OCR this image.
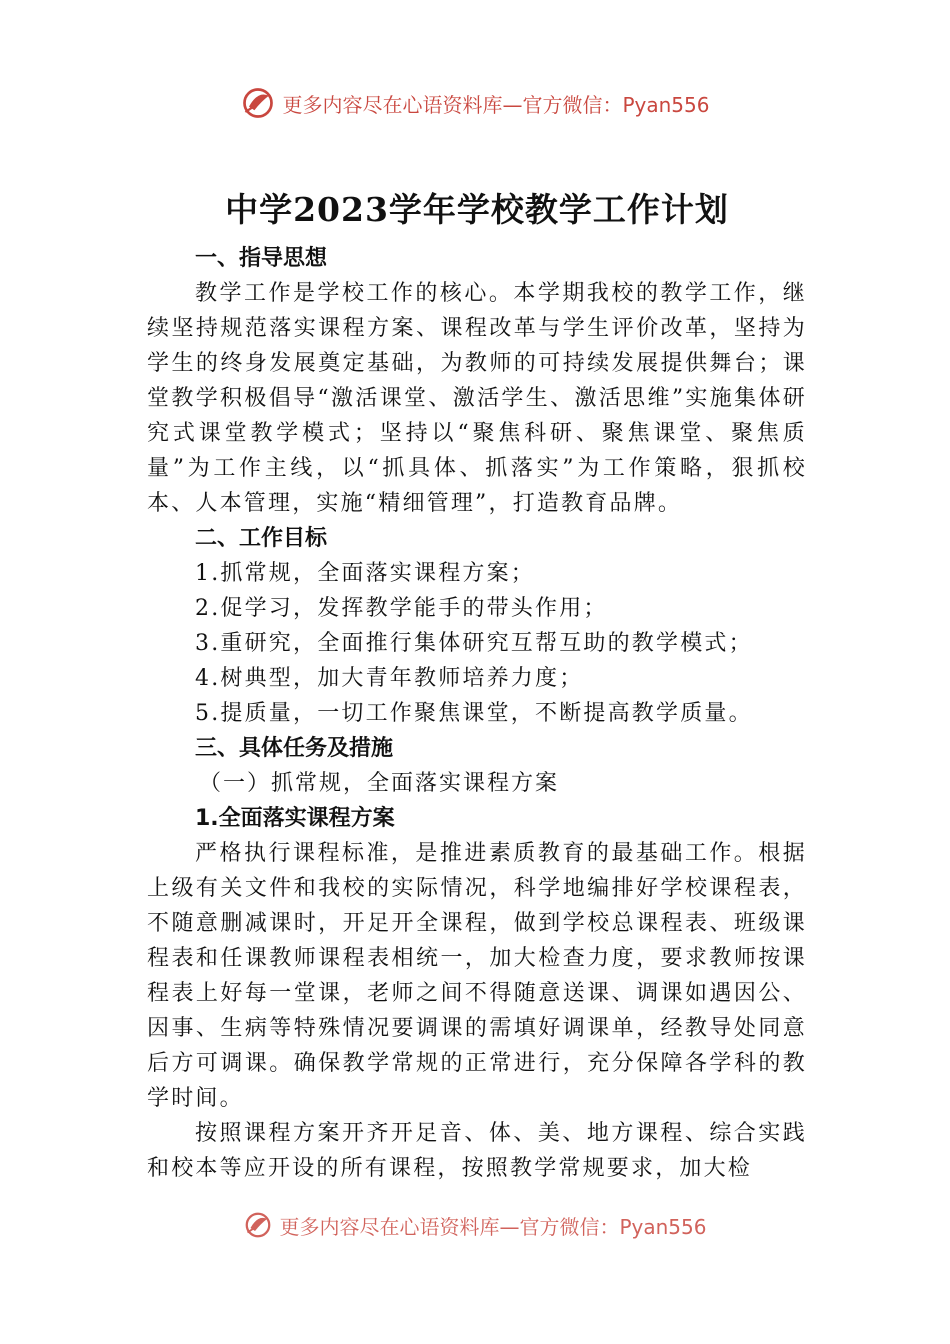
更多内容尽在心语资料库—官方微信：Pyan556
中学2023学年学校教学工作计划
一、指导思想

教学工作是学校工作的核心。本学期我校的教学工作，继续坚持规范落实课程方案、课程改革与学生评价改革，坚持为学生的终身发展奠定基础，为教师的可持续发展提供舞台；课堂教学积极倡导“激活课堂、激活学生、激活思维”实施集体研究式课堂教学模式；坚持以“聚焦科研、聚焦课堂、聚焦质量”为工作主线，以“抓具体、抓落实”为工作策略，狠抓校本、人本管理，实施“精细管理”，打造教育品牌。

二、工作目标
1.抓常规，全面落实课程方案；
2.促学习，发挥教学能手的带头作用；
3.重研究，全面推行集体研究互帮互助的教学模式；
4.树典型，加大青年教师培养力度；
5.提质量，一切工作聚焦课堂，不断提高教学质量。
三、具体任务及措施
（一）抓常规，全面落实课程方案
1.全面落实课程方案

严格执行课程标准，是推进素质教育的最基础工作。根据上级有关文件和我校的实际情况，科学地编排好学校课程表，不随意删减课时，开足开全课程，做到学校总课程表、班级课程表和任课教师课程表相统一，加大检查力度，要求教师按课程表上好每一堂课，老师之间不得随意送课、调课如遇因公、因事、生病等特殊情况要调课的需填好调课单，经教导处同意后方可调课。确保教学常规的正常进行，充分保障各学科的教学时间。

按照课程方案开齐开足音、体、美、地方课程、综合实践和校本等应开设的所有课程，按照教学常规要求，加大检

更多内容尽在心语资料库—官方微信：Pyan556
